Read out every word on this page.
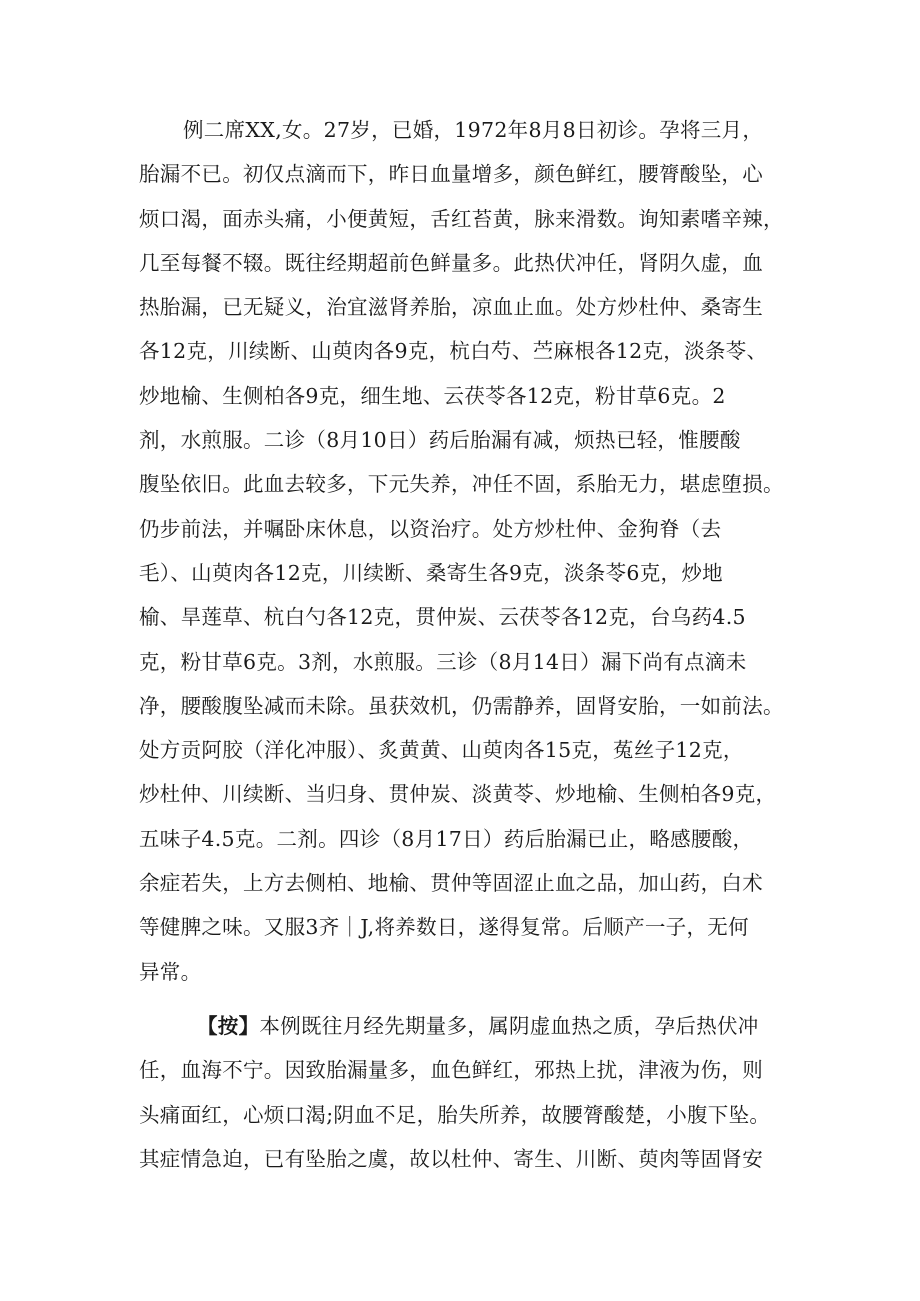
例二席XX,女。27岁，已婚，1972年8月8日初诊。孕将三月，
胎漏不已。初仅点滴而下，昨日血量增多，颜色鲜红，腰膂酸坠，心
烦口渴，面赤头痛，小便黄短，舌红苔黄，脉来滑数。询知素嗜辛辣，
几至每餐不辍。既往经期超前色鲜量多。此热伏冲任，肾阴久虚，血
热胎漏，已无疑义，治宜滋肾养胎，凉血止血。处方炒杜仲、桑寄生
各12克，川续断、山萸肉各9克，杭白芍、苎麻根各12克，淡条苓、
炒地榆、生侧柏各9克，细生地、云茯苓各12克，粉甘草6克。2
剂，水煎服。二诊（8月10日）药后胎漏有减，烦热已轻，惟腰酸
腹坠依旧。此血去较多，下元失养，冲任不固，系胎无力，堪虑堕损。
仍步前法，并嘱卧床休息，以资治疗。处方炒杜仲、金狗脊（去
毛）、山萸肉各12克，川续断、桑寄生各9克，淡条苓6克，炒地
榆、旱莲草、杭白勺各12克，贯仲炭、云茯苓各12克，台乌药4.5
克，粉甘草6克。3剂，水煎服。三诊（8月14日）漏下尚有点滴未
净，腰酸腹坠减而未除。虽获效机，仍需静养，固肾安胎，一如前法。
处方贡阿胶（洋化冲服）、炙黄黄、山萸肉各15克，菟丝子12克，
炒杜仲、川续断、当归身、贯仲炭、淡黄苓、炒地榆、生侧柏各9克，
五味子4.5克。二剂。四诊（8月17日）药后胎漏已止，略感腰酸，
余症若失，上方去侧柏、地榆、贯仲等固涩止血之品，加山药，白术
等健脾之味。又服3齐｜J,将养数日，遂得复常。后顺产一子，无何
异常。
【按】本例既往月经先期量多，属阴虚血热之质，孕后热伏冲
任，血海不宁。因致胎漏量多，血色鲜红，邪热上扰，津液为伤，则
头痛面红，心烦口渴;阴血不足，胎失所养，故腰膂酸楚，小腹下坠。
其症情急迫，已有坠胎之虞，故以杜仲、寄生、川断、萸肉等固肾安
